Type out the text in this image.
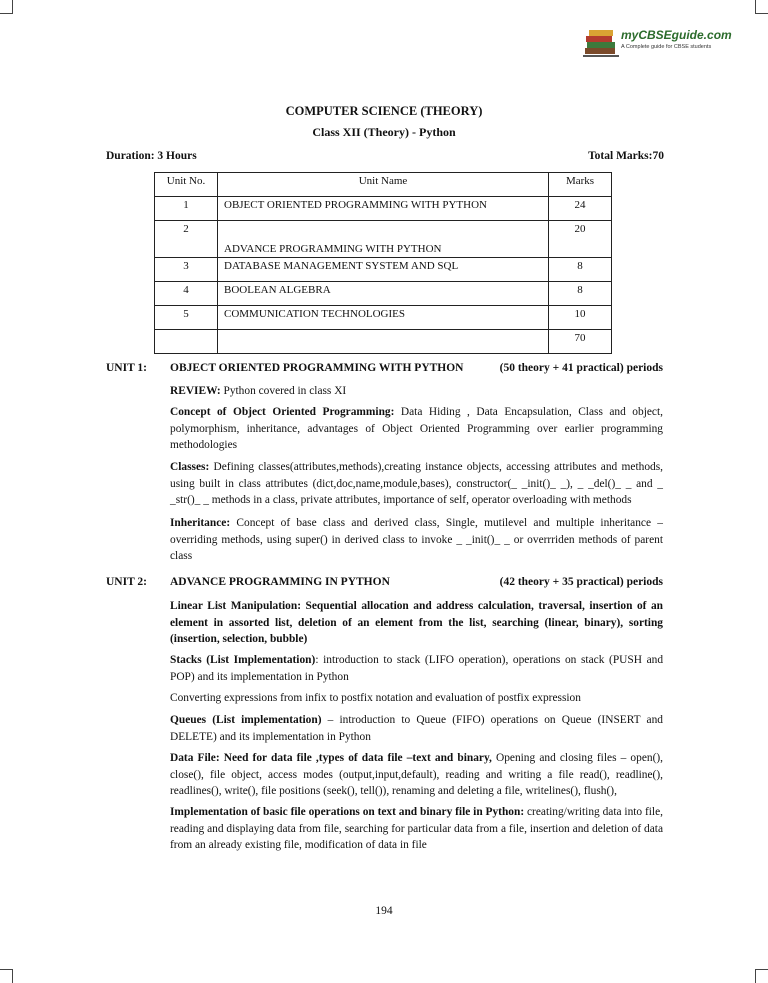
myCBSEguide.com
A Complete guide for CBSE students
COMPUTER SCIENCE (THEORY)
Class XII (Theory) - Python
Duration: 3 Hours	Total Marks:70
Unit No.	Unit Name	Marks
1	OBJECT ORIENTED PROGRAMMING WITH PYTHON	24
2	ADVANCE PROGRAMMING WITH PYTHON	20
3	DATABASE MANAGEMENT SYSTEM AND SQL	8
4	BOOLEAN ALGEBRA	8
5	COMMUNICATION TECHNOLOGIES	10
		70
UNIT 1: OBJECT ORIENTED PROGRAMMING WITH PYTHON	(50 theory + 41 practical) periods
REVIEW: Python covered in class XI
Concept of Object Oriented Programming: Data Hiding , Data Encapsulation, Class and object, polymorphism, inheritance, advantages of Object Oriented Programming over earlier programming methodologies
Classes: Defining classes(attributes,methods),creating instance objects, accessing attributes and methods, using built in class attributes (dict,doc,name,module,bases), constructor(_ _init()_ _), _ _del()_ _ and _ _str()_ _ methods in a class, private attributes, importance of self, operator overloading with methods
Inheritance: Concept of base class and derived class, Single, mutilevel and multiple inheritance – overriding methods, using super() in derived class to invoke _ _init()_ _ or overrriden methods of parent class
UNIT 2: ADVANCE PROGRAMMING IN PYTHON	(42 theory + 35 practical) periods
Linear List Manipulation: Sequential allocation and address calculation, traversal, insertion of an element in assorted list, deletion of an element from the list, searching (linear, binary), sorting (insertion, selection, bubble)
Stacks (List Implementation): introduction to stack (LIFO operation), operations on stack (PUSH and POP) and its implementation in Python
Converting expressions from infix to postfix notation and evaluation of postfix expression
Queues (List implementation) – introduction to Queue (FIFO) operations on Queue (INSERT and DELETE) and its implementation in Python
Data File: Need for data file ,types of data file –text and binary, Opening and closing files – open(), close(), file object, access modes (output,input,default), reading and writing a file read(), readline(), readlines(), write(), file positions (seek(), tell()), renaming and deleting a file, writelines(), flush(),
Implementation of basic file operations on text and binary file in Python: creating/writing data into file, reading and displaying data from file, searching for particular data from a file, insertion and deletion of data from an already existing file, modification of data in file
194
